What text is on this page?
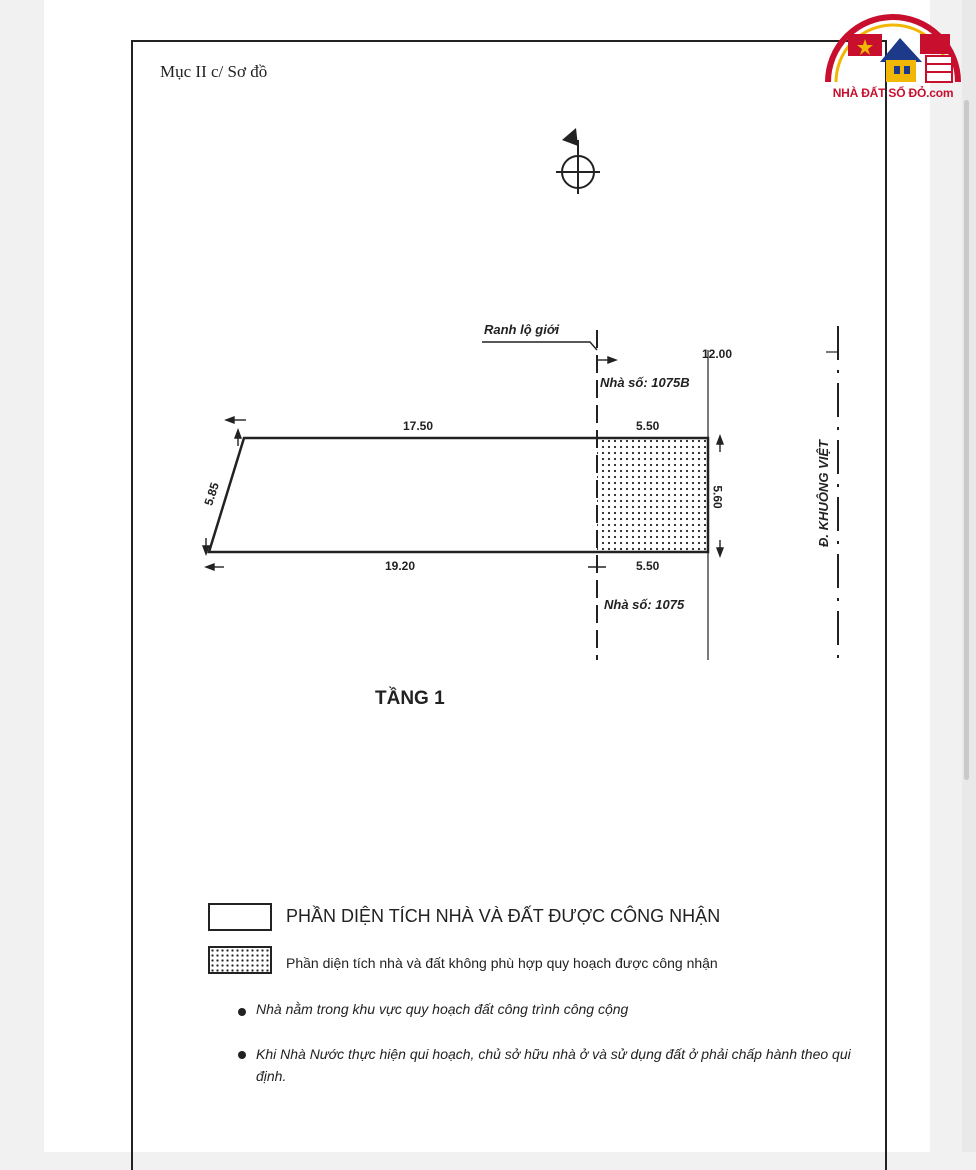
Mục II c/ Sơ đồ
Ranh lộ giới
Nhà số: 1075B
Nhà số: 1075
17.50	5.50
19.20	5.50
12.00
5.85	5.60	Đ. KHUÔNG VIỆT
TẦNG 1
PHẦN DIỆN TÍCH NHÀ VÀ ĐẤT ĐƯỢC CÔNG NHẬN
Phần diện tích nhà và đất không phù hợp quy hoạch được công nhận
Nhà nằm trong khu vực quy hoạch đất công trình công cộng
Khi Nhà Nước thực hiện qui hoạch, chủ sở hữu nhà ở và sử dụng đất ở phải chấp hành theo qui định.
NHÀ ĐẤT SỔ ĐỎ.com
